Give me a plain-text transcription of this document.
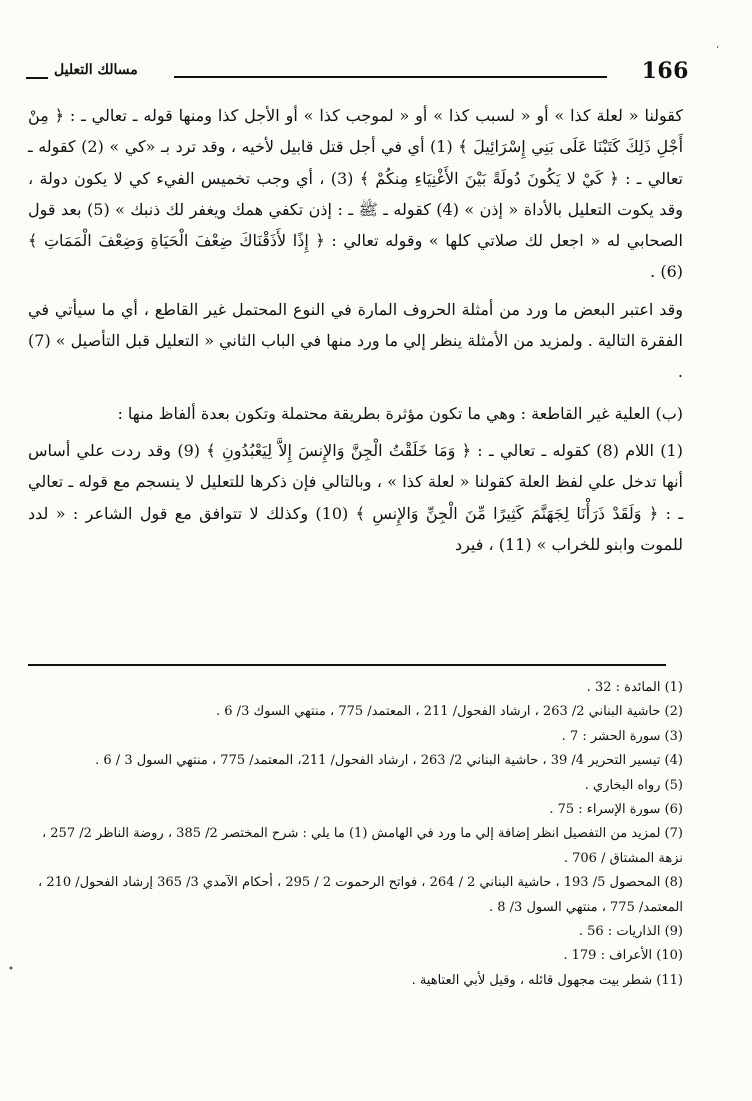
166
مسالك التعليل

كقولنا « لعلة كذا » أو « لسبب كذا » أو « لموجب كذا » أو الأجل كذا ومنها قوله ـ تعالي ـ : ﴿ مِنْ أَجْلِ ذَلِكَ كَتَبْنَا عَلَى بَنِي إِسْرَائِيلَ ﴾ (1) أي في أجل قتل قابيل لأخيه ، وقد ترد بـ «كي » (2) كقوله ـ تعالي ـ : ﴿ كَيْ لا يَكُونَ دُولَةً بَيْنَ الأَغْنِيَاءِ مِنكُمْ ﴾ (3) ، أي وجب تخميس الفيء كي لا يكون دولة ، وقد يكوت التعليل بالأداة « إذن » (4) كقوله ـ ﷺ ـ : إذن تكفي همك ويغفر لك ذنبك » (5) بعد قول الصحابي له « اجعل لك صلاتي كلها » وقوله تعالي : ﴿ إِذًا لأَذَقْنَاكَ ضِعْفَ الْحَيَاةِ وَضِعْفَ الْمَمَاتِ ﴾ (6) .

وقد اعتبر البعض ما ورد من أمثلة الحروف المارة في النوع المحتمل غير القاطع ، أي ما سيأتي في الفقرة التالية . ولمزيد من الأمثلة ينظر إلي ما ورد منها في الباب الثاني « التعليل قبل التأصيل » (7) .

(ب) العلية غير القاطعة : وهي ما تكون مؤثرة بطريقة محتملة وتكون بعدة ألفاظ منها :

(1) اللام (8) كقوله ـ تعالي ـ : ﴿ وَمَا خَلَقْتُ الْجِنَّ وَالإِنسَ إِلاَّ لِيَعْبُدُونِ ﴾ (9) وقد ردت علي أساس أنها تدخل علي لفظ العلة كقولنا « لعلة كذا » ، وبالتالي فإن ذكرها للتعليل لا ينسجم مع قوله ـ تعالي ـ : ﴿ وَلَقَدْ ذَرَأْنَا لِجَهَنَّمَ كَثِيرًا مِّنَ الْجِنِّ وَالإِنسِ ﴾ (10) وكذلك لا تتوافق مع قول الشاعر : « لدد للموت وابنو للخراب » (11) ، فيرد

(1) المائدة : 32 .
(2) حاشية البناني 2/ 263 ، ارشاد الفحول/ 211 ، المعتمد/ 775 ، منتهي السوك 3/ 6 .
(3) سورة الحشر : 7 .
(4) تيسير التحرير 4/ 39 ، حاشية البناني 2/ 263 ، ارشاد الفحول/ 211، المعتمد/ 775 ، منتهي السول 3 / 6 .
(5) رواه البخاري .
(6) سورة الإسراء : 75 .
(7) لمزيد من التفصيل انظر إضافة إلي ما ورد في الهامش (1) ما يلي : شرح المختصر 2/ 385 ، روضة الناظر 2/ 257 ، نزهة المشتاق / 706 .
(8) المحصول 5/ 193 ، حاشية البناني 2 / 264 ، فواتح الرحموت 2 / 295 ، أحكام الآمدي 3/ 365 إرشاد الفحول/ 210 ، المعتمد/ 775 ، منتهي السول 3/ 8 .
(9) الذاريات : 56 .
(10) الأعراف : 179 .
(11) شطر بيت مجهول قائله ، وقيل لأبي العتاهية .
،
•
